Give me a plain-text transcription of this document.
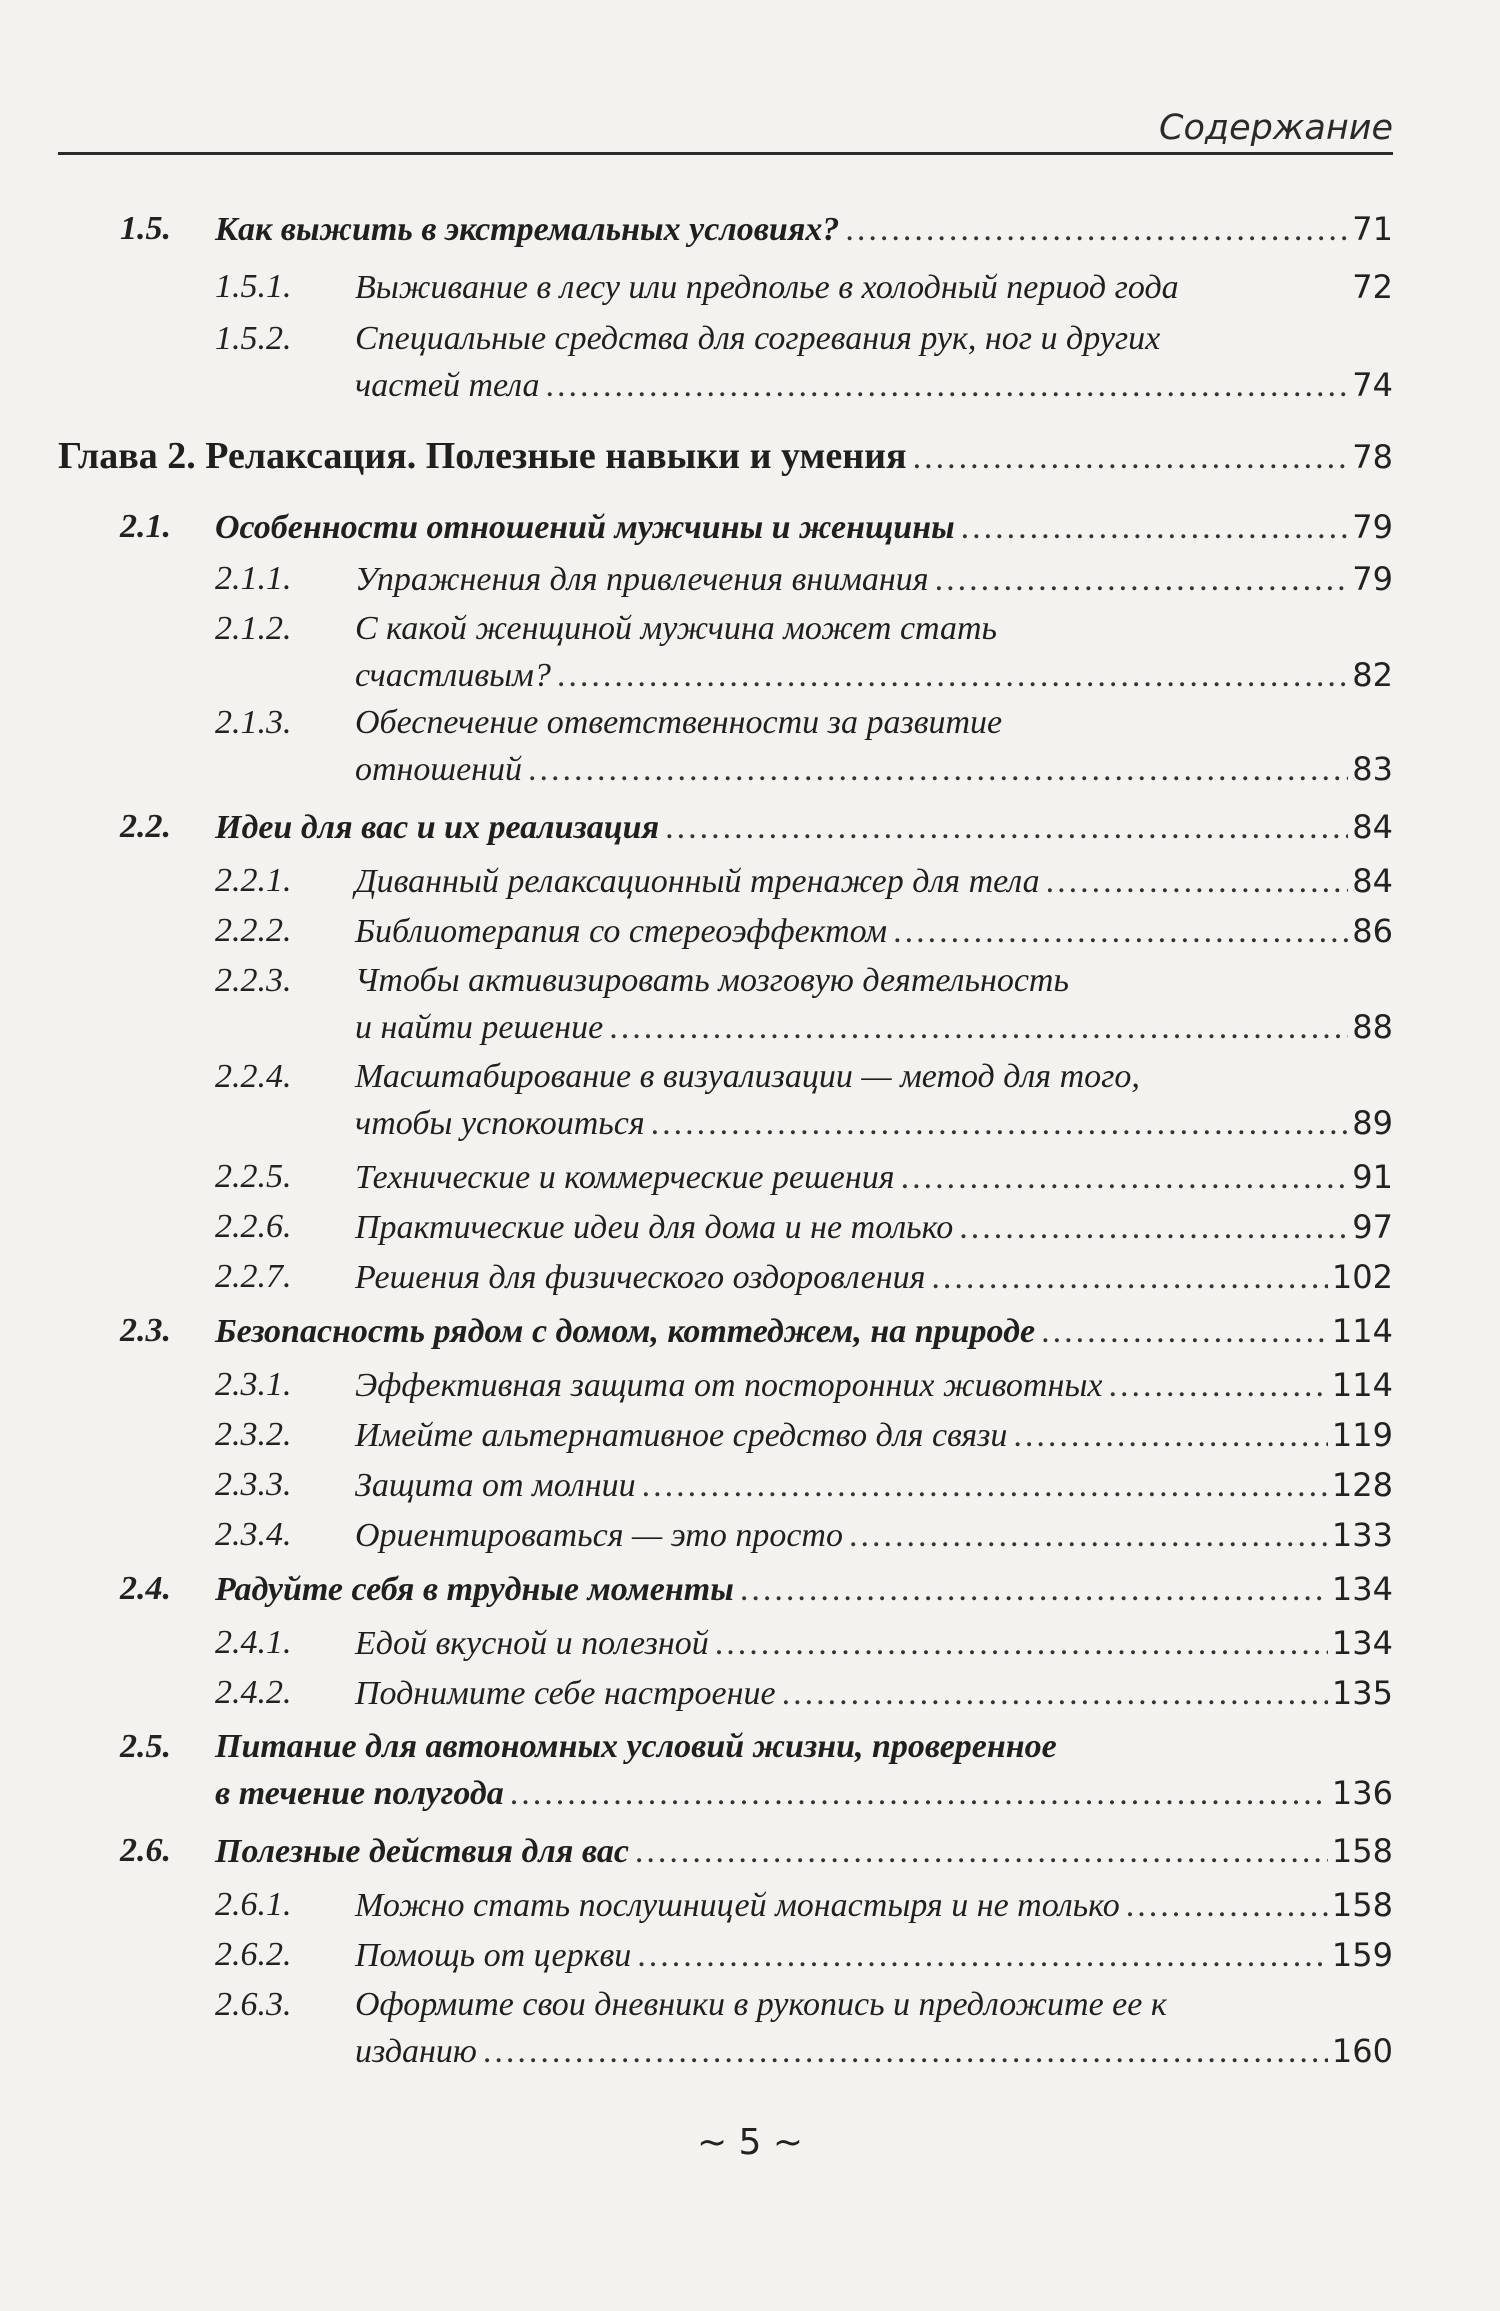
Содержание
1.5. Как выжить в экстремальных условиях? .....	71
1.5.1. Выживание в лесу или предполье в холодный период года	72
1.5.2. Специальные средства для согревания рук, ног и других
частей тела .....	74
Глава 2. Релаксация. Полезные навыки и умения .....	78
2.1. Особенности отношений мужчины и женщины .....	79
2.1.1. Упражнения для привлечения внимания .....	79
2.1.2. С какой женщиной мужчина может стать
счастливым? .....	82
2.1.3. Обеспечение ответственности за развитие
отношений .....	83
2.2. Идеи для вас и их реализация .....	84
2.2.1. Диванный релаксационный тренажер для тела .....	84
2.2.2. Библиотерапия со стереоэффектом .....	86
2.2.3. Чтобы активизировать мозговую деятельность
и найти решение .....	88
2.2.4. Масштабирование в визуализации — метод для того,
чтобы успокоиться .....	89
2.2.5. Технические и коммерческие решения .....	91
2.2.6. Практические идеи для дома и не только .....	97
2.2.7. Решения для физического оздоровления .....	102
2.3. Безопасность рядом с домом, коттеджем, на природе .....	114
2.3.1. Эффективная защита от посторонних животных .....	114
2.3.2. Имейте альтернативное средство для связи .....	119
2.3.3. Защита от молнии .....	128
2.3.4. Ориентироваться — это просто .....	133
2.4. Радуйте себя в трудные моменты .....	134
2.4.1. Едой вкусной и полезной .....	134
2.4.2. Поднимите себе настроение .....	135
2.5. Питание для автономных условий жизни, проверенное
в течение полугода .....	136
2.6. Полезные действия для вас .....	158
2.6.1. Можно стать послушницей монастыря и не только .....	158
2.6.2. Помощь от церкви .....	159
2.6.3. Оформите свои дневники в рукопись и предложите ее к
изданию .....	160
~ 5 ~
